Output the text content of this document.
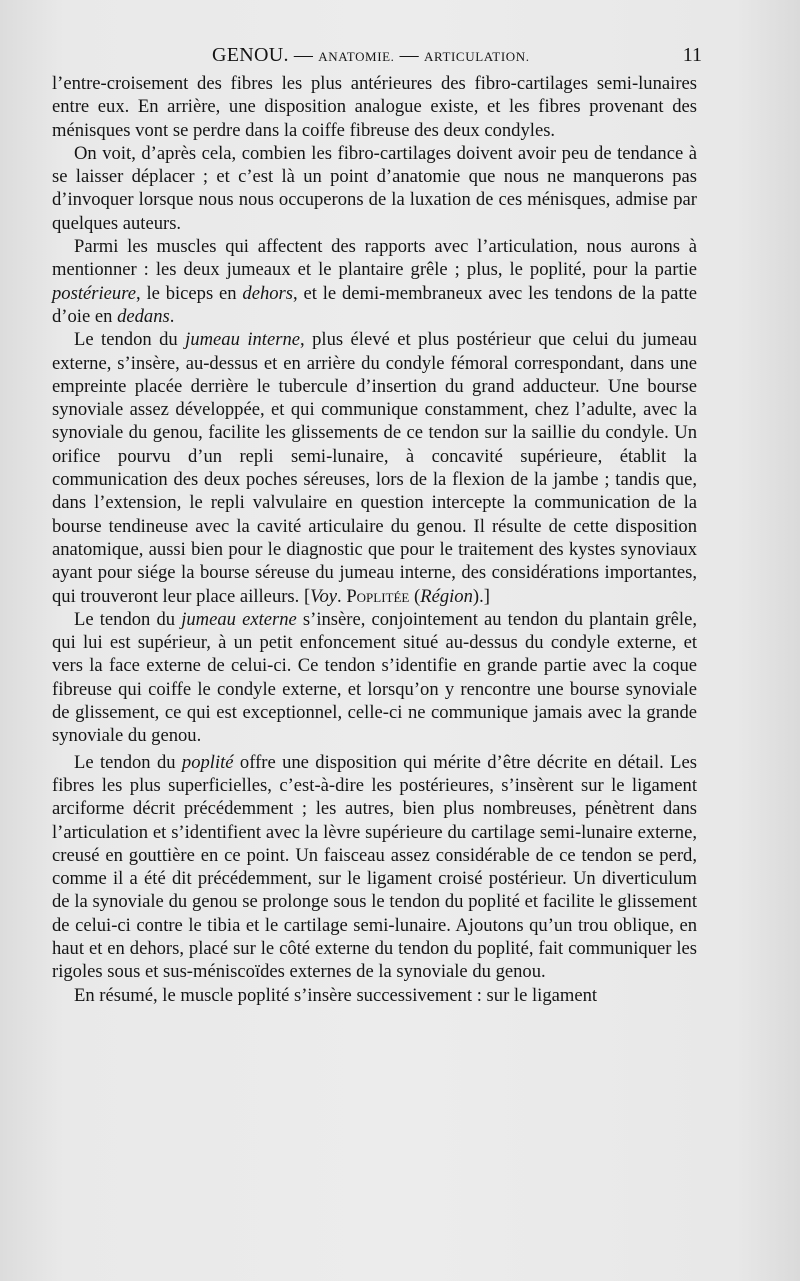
GENOU. — ANATOMIE. — ARTICULATION.	11

l’entre-croisement des fibres les plus antérieures des fibro-cartilages semi-lunaires entre eux. En arrière, une disposition analogue existe, et les fibres provenant des ménisques vont se perdre dans la coiffe fibreuse des deux condyles.

On voit, d’après cela, combien les fibro-cartilages doivent avoir peu de tendance à se laisser déplacer ; et c’est là un point d’anatomie que nous ne manquerons pas d’invoquer lorsque nous nous occuperons de la luxation de ces ménisques, admise par quelques auteurs.

Parmi les muscles qui affectent des rapports avec l’articulation, nous aurons à mentionner : les deux jumeaux et le plantaire grêle ; plus, le poplité, pour la partie postérieure, le biceps en dehors, et le demi-membraneux avec les tendons de la patte d’oie en dedans.

Le tendon du jumeau interne, plus élevé et plus postérieur que celui du jumeau externe, s’insère, au-dessus et en arrière du condyle fémoral correspondant, dans une empreinte placée derrière le tubercule d’insertion du grand adducteur. Une bourse synoviale assez développée, et qui communique constamment, chez l’adulte, avec la synoviale du genou, facilite les glissements de ce tendon sur la saillie du condyle. Un orifice pourvu d’un repli semi-lunaire, à concavité supérieure, établit la communication des deux poches séreuses, lors de la flexion de la jambe ; tandis que, dans l’extension, le repli valvulaire en question intercepte la communication de la bourse tendineuse avec la cavité articulaire du genou. Il résulte de cette disposition anatomique, aussi bien pour le diagnostic que pour le traitement des kystes synoviaux ayant pour siége la bourse séreuse du jumeau interne, des considérations importantes, qui trouveront leur place ailleurs. [Voy. Poplitée (Région).]

Le tendon du jumeau externe s’insère, conjointement au tendon du plantain grêle, qui lui est supérieur, à un petit enfoncement situé au-dessus du condyle externe, et vers la face externe de celui-ci. Ce tendon s’identifie en grande partie avec la coque fibreuse qui coiffe le condyle externe, et lorsqu’on y rencontre une bourse synoviale de glissement, ce qui est exceptionnel, celle-ci ne communique jamais avec la grande synoviale du genou.

Le tendon du poplité offre une disposition qui mérite d’être décrite en détail. Les fibres les plus superficielles, c’est-à-dire les postérieures, s’insèrent sur le ligament arciforme décrit précédemment ; les autres, bien plus nombreuses, pénètrent dans l’articulation et s’identifient avec la lèvre supérieure du cartilage semi-lunaire externe, creusé en gouttière en ce point. Un faisceau assez considérable de ce tendon se perd, comme il a été dit précédemment, sur le ligament croisé postérieur. Un diverticulum de la synoviale du genou se prolonge sous le tendon du poplité et facilite le glissement de celui-ci contre le tibia et le cartilage semi-lunaire. Ajoutons qu’un trou oblique, en haut et en dehors, placé sur le côté externe du tendon du poplité, fait communiquer les rigoles sous et sus-méniscoïdes externes de la synoviale du genou.

En résumé, le muscle poplité s’insère successivement : sur le ligament
